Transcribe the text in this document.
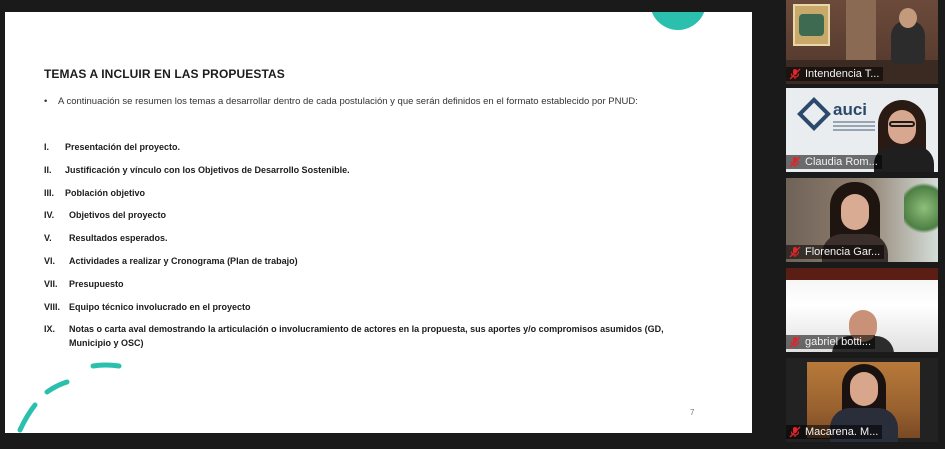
TEMAS A INCLUIR EN LAS PROPUESTAS
•	A continuación se resumen los temas a desarrollar dentro de cada postulación y que serán definidos en el formato establecido por PNUD:
I.	Presentación del proyecto.
II.	Justificación y vínculo con los Objetivos de Desarrollo Sostenible.
III.	Población objetivo
IV.	Objetivos del proyecto
V.	Resultados esperados.
VI.	Actividades a realizar y Cronograma (Plan de trabajo)
VII.	Presupuesto
VIII. Equipo técnico involucrado en el proyecto
IX.	Notas o carta aval demostrando la articulación o involucramiento de actores en la propuesta, sus aportes y/o compromisos asumidos (GD, Municipio y OSC)
7
Intendencia T...
auci
Claudia Rom...
Florencia Gar...
gabriel botti...
Macarena. M...
